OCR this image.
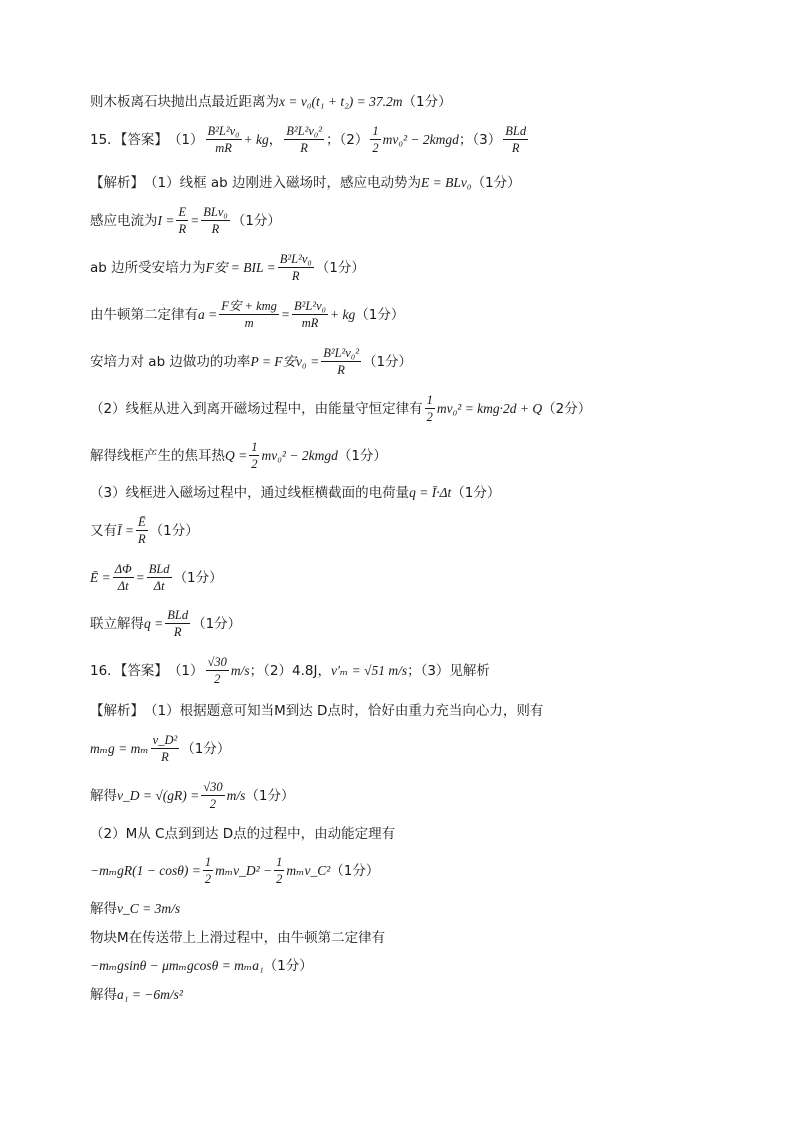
则木板离石块抛出点最近距离为 x = v₀(t₁ + t₂) = 37.2m （1分）
15．【答案】 $(1) \frac{\text{B²L²v₀}}{mR}$ + kg ， $\frac{\text{B²L²v₀²}}{R}$ ；$(2) \frac{1}{2} mv_0^2$ − 2kmgd ；$(3) \frac{\text{BLd}}{R}$
【解析】 （1）线框 ab 边刚进入磁场时，感应电动势为 E = BLv₀ （1分）
感应电流为 $I = \frac{E}{R} = \frac{\text{BLv₀}}{R} (1$分）
ab 边所受安培力为 F安 = BIL = $\frac{\text{B²L²v₀}}{R} (1$分）
由牛顿第二定律有 $a = \frac{\text{F安 + kmg}}{m} = \frac{\text{B²L²v₀}}{mR}$ + kg （1分）
安培力对 ab 边做功的功率 P = F安$v_0 = \frac{\text{B²L²v₀²}}{R} (1$分）
（2）线框从进入到离开磁场过程中，由能量守恒定律有 $\frac{1}{2} mv_0^2 = kmg\cdot 2d + Q$ （2分）
解得线框产生的焦耳热 $Q = \frac{1}{2} mv_0^2$ − 2kmgd （1分）
（3）线框进入磁场过程中，通过线框横截面的电荷量 q = Ī·Δt （1分）
又有 Ī = $\frac{Ē}{R} (1$分）
Ē = $\frac{\Delta\Phi}{\Delta t} = \frac{\text{BLd}}{\Delta t} (1$分）
联立解得 $q = \frac{\text{BLd}}{R} (1$分）
16．【答案】 $(1) \frac{√30}{2} m/s$ ；（2）4.8J， v′ₘ = √51 m/s ；（3）见解析
【解析】 （1）根据题意可知当M到达 D点时，恰好由重力充当向心力，则有
mₘg = mₘ $\frac{\text{v\_D²}}{R} (1$分）
解得 v_D = $√(gR) = \frac{√30}{2} m/s$ （1分）
（2）M从 C点到到达 D点的过程中，由动能定理有
$-m_mgR(1 - \cos\theta) = \frac{1}{2}$ mₘv_D² − $\frac{1}{2}$ mₘv_C² （1分）
解得 v_C = 3m/s
物块M在传送带上上滑过程中，由牛顿第二定律有
−mₘgsinθ − μmₘgcosθ = mₘa₁ （1分）
解得 a₁ = −6m/s²
